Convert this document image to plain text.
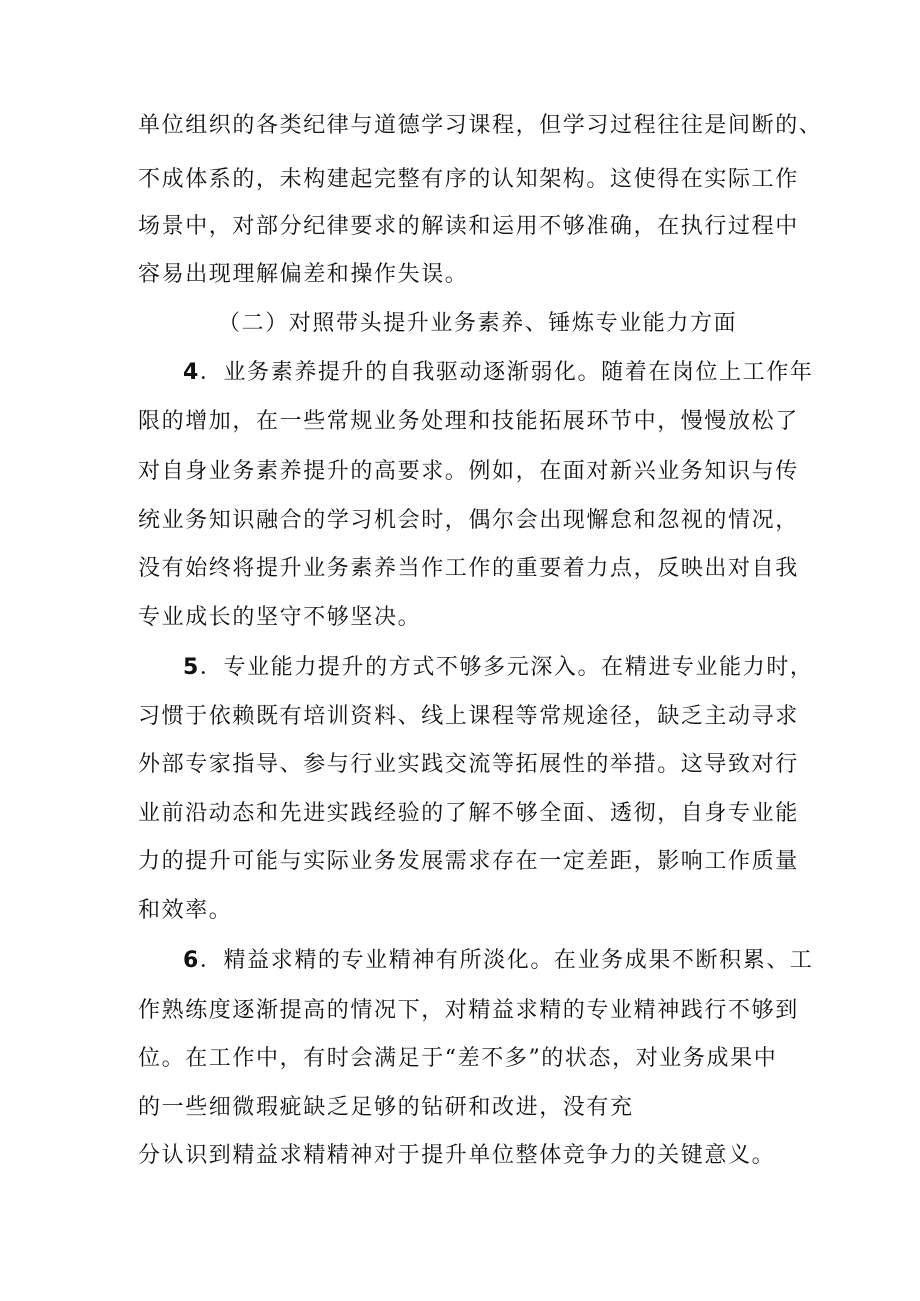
单位组织的各类纪律与道德学习课程，但学习过程往往是间断的、
不成体系的，未构建起完整有序的认知架构。这使得在实际工作
场景中，对部分纪律要求的解读和运用不够准确，在执行过程中
容易出现理解偏差和操作失误。
（二）对照带头提升业务素养、锤炼专业能力方面
4．业务素养提升的自我驱动逐渐弱化。随着在岗位上工作年
限的增加，在一些常规业务处理和技能拓展环节中，慢慢放松了
对自身业务素养提升的高要求。例如，在面对新兴业务知识与传
统业务知识融合的学习机会时，偶尔会出现懈怠和忽视的情况，
没有始终将提升业务素养当作工作的重要着力点，反映出对自我
专业成长的坚守不够坚决。
5．专业能力提升的方式不够多元深入。在精进专业能力时，
习惯于依赖既有培训资料、线上课程等常规途径，缺乏主动寻求
外部专家指导、参与行业实践交流等拓展性的举措。这导致对行
业前沿动态和先进实践经验的了解不够全面、透彻，自身专业能
力的提升可能与实际业务发展需求存在一定差距，影响工作质量
和效率。
6．精益求精的专业精神有所淡化。在业务成果不断积累、工
作熟练度逐渐提高的情况下，对精益求精的专业精神践行不够到
位。在工作中，有时会满足于“差不多”的状态，对业务成果中
的一些细微瑕疵缺乏足够的钻研和改进，没有充
分认识到精益求精精神对于提升单位整体竞争力的关键意义。
